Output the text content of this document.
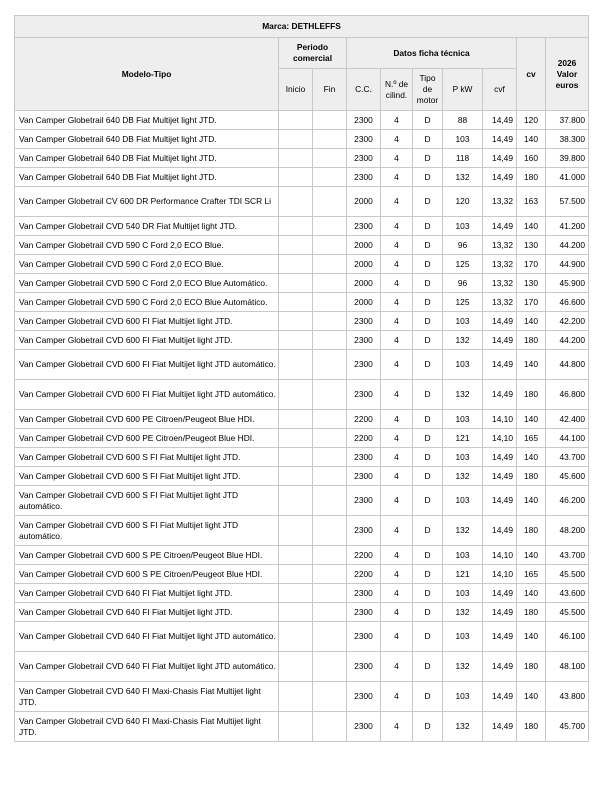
Marca: DETHLEFFS									
Modelo-Tipo	Periodo comercial		Datos ficha técnica					cv	2026 Valor euros
	Inicio	Fin	C.C.	N.º de cilind.	Tipo de motor	P kW	cvf		
Van Camper Globetrail 640 DB Fiat Multijet light JTD.			2300	4	D	88	14,49	120	37.800
Van Camper Globetrail 640 DB Fiat Multijet light JTD.			2300	4	D	103	14,49	140	38.300
Van Camper Globetrail 640 DB Fiat Multijet light JTD.			2300	4	D	118	14,49	160	39.800
Van Camper Globetrail 640 DB Fiat Multijet light JTD.			2300	4	D	132	14,49	180	41.000
Van Camper Globetrail CV 600 DR Performance Crafter TDI SCR Li			2000	4	D	120	13,32	163	57.500
Van Camper Globetrail CVD 540 DR Fiat Multijet light JTD.			2300	4	D	103	14,49	140	41.200
Van Camper Globetrail CVD 590 C Ford 2,0 ECO Blue.			2000	4	D	96	13,32	130	44.200
Van Camper Globetrail CVD 590 C Ford 2,0 ECO Blue.			2000	4	D	125	13,32	170	44.900
Van Camper Globetrail CVD 590 C Ford 2,0 ECO Blue Automático.			2000	4	D	96	13,32	130	45.900
Van Camper Globetrail CVD 590 C Ford 2,0 ECO Blue Automático.			2000	4	D	125	13,32	170	46.600
Van Camper Globetrail CVD 600 FI Fiat Multijet light JTD.			2300	4	D	103	14,49	140	42.200
Van Camper Globetrail CVD 600 FI Fiat Multijet light JTD.			2300	4	D	132	14,49	180	44.200
Van Camper Globetrail CVD 600 FI Fiat Multijet light JTD automático.			2300	4	D	103	14,49	140	44.800
Van Camper Globetrail CVD 600 FI Fiat Multijet light JTD automático.			2300	4	D	132	14,49	180	46.800
Van Camper Globetrail CVD 600 PE Citroen/Peugeot Blue HDI.			2200	4	D	103	14,10	140	42.400
Van Camper Globetrail CVD 600 PE Citroen/Peugeot Blue HDI.			2200	4	D	121	14,10	165	44.100
Van Camper Globetrail CVD 600 S FI Fiat Multijet light JTD.			2300	4	D	103	14,49	140	43.700
Van Camper Globetrail CVD 600 S FI Fiat Multijet light JTD.			2300	4	D	132	14,49	180	45.600
Van Camper Globetrail CVD 600 S FI Fiat Multijet light JTD automático.			2300	4	D	103	14,49	140	46.200
Van Camper Globetrail CVD 600 S FI Fiat Multijet light JTD automático.			2300	4	D	132	14,49	180	48.200
Van Camper Globetrail CVD 600 S PE Citroen/Peugeot Blue HDI.			2200	4	D	103	14,10	140	43.700
Van Camper Globetrail CVD 600 S PE Citroen/Peugeot Blue HDI.			2200	4	D	121	14,10	165	45.500
Van Camper Globetrail CVD 640 FI Fiat Multijet light JTD.			2300	4	D	103	14,49	140	43.600
Van Camper Globetrail CVD 640 FI Fiat Multijet light JTD.			2300	4	D	132	14,49	180	45.500
Van Camper Globetrail CVD 640 FI Fiat Multijet light JTD automático.			2300	4	D	103	14,49	140	46.100
Van Camper Globetrail CVD 640 FI Fiat Multijet light JTD automático.			2300	4	D	132	14,49	180	48.100
Van Camper Globetrail CVD 640 FI Maxi-Chasis Fiat Multijet light JTD.			2300	4	D	103	14,49	140	43.800
Van Camper Globetrail CVD 640 FI Maxi-Chasis Fiat Multijet light JTD.			2300	4	D	132	14,49	180	45.700
